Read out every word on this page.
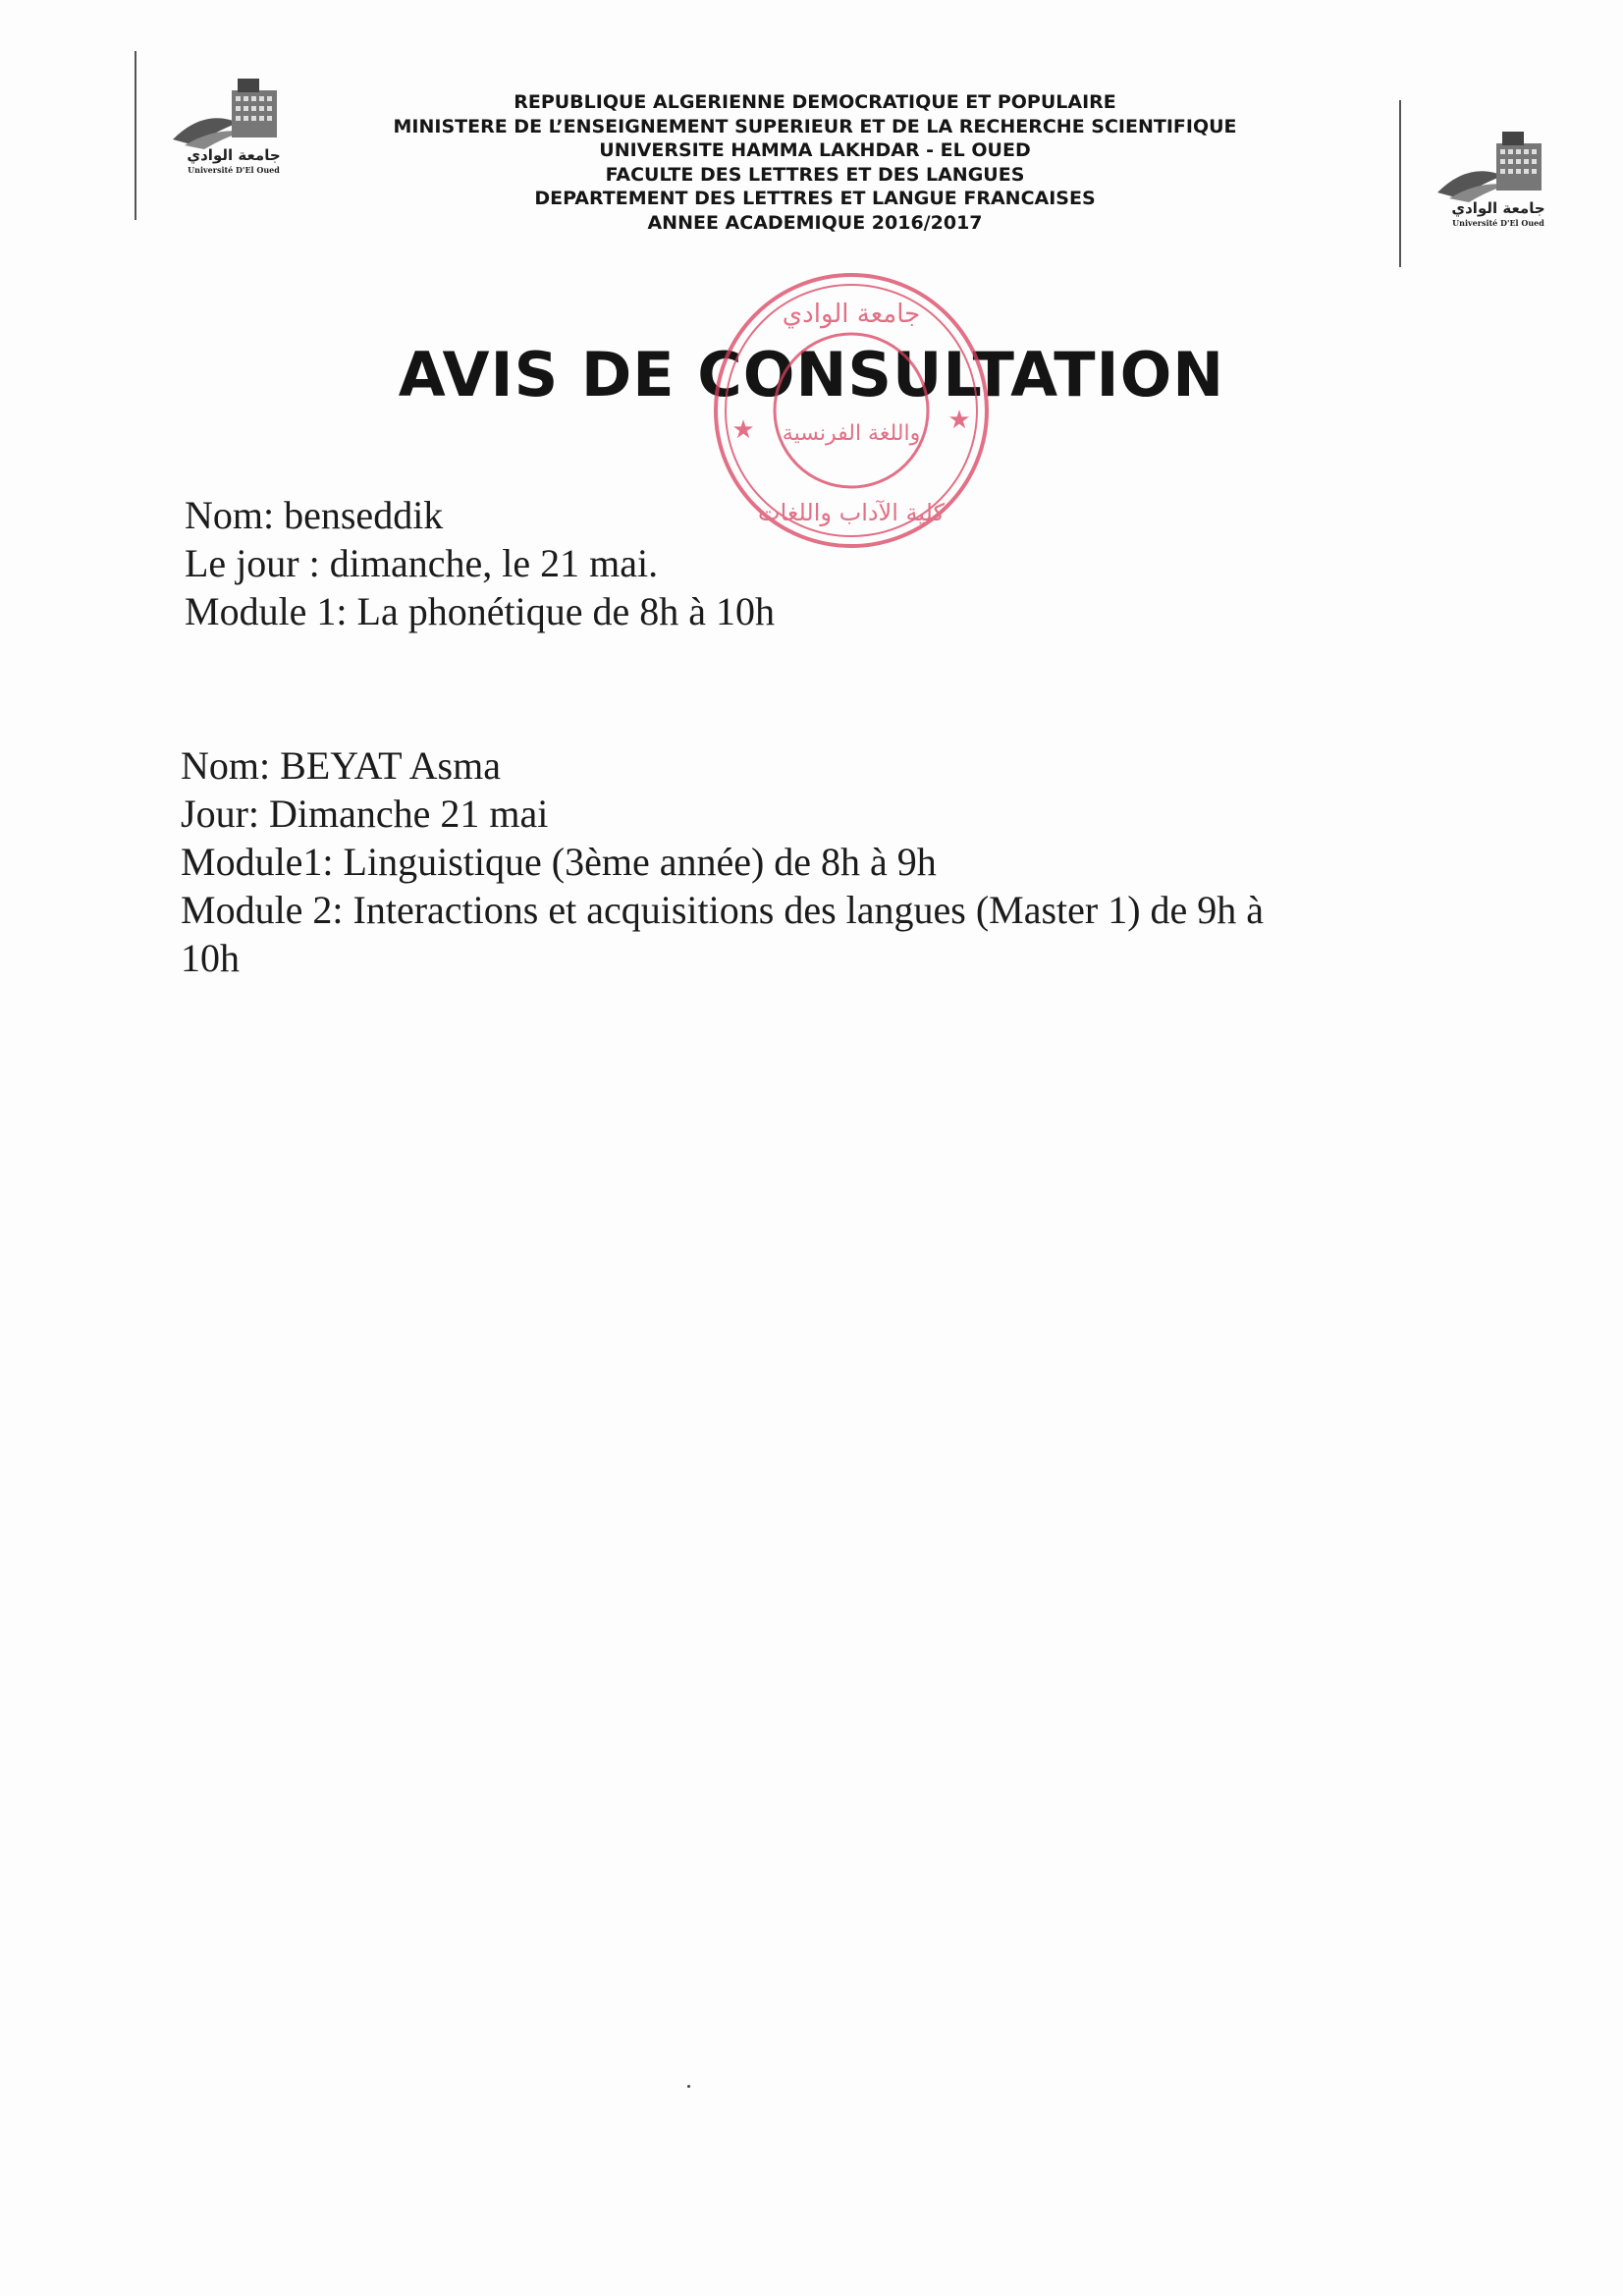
جامعة الوادي
Université D'El Oued
جامعة الوادي
Université D'El Oued
REPUBLIQUE ALGERIENNE DEMOCRATIQUE ET POPULAIRE
MINISTERE DE L’ENSEIGNEMENT SUPERIEUR ET DE LA RECHERCHE SCIENTIFIQUE
UNIVERSITE HAMMA LAKHDAR - EL OUED
FACULTE DES LETTRES ET DES LANGUES
DEPARTEMENT DES LETTRES ET LANGUE FRANCAISES
ANNEE ACADEMIQUE 2016/2017
AVIS DE CONSULTATION
جامعة الوادي
واللغة الفرنسية
كلية الآداب واللغات
★	★
Nom: benseddik
Le jour : dimanche, le 21 mai.
Module 1: La phonétique de 8h à 10h
Nom: BEYAT Asma
Jour: Dimanche 21 mai
Module1: Linguistique (3ème année) de 8h à 9h
Module 2: Interactions et acquisitions des langues (Master 1) de 9h à
10h
